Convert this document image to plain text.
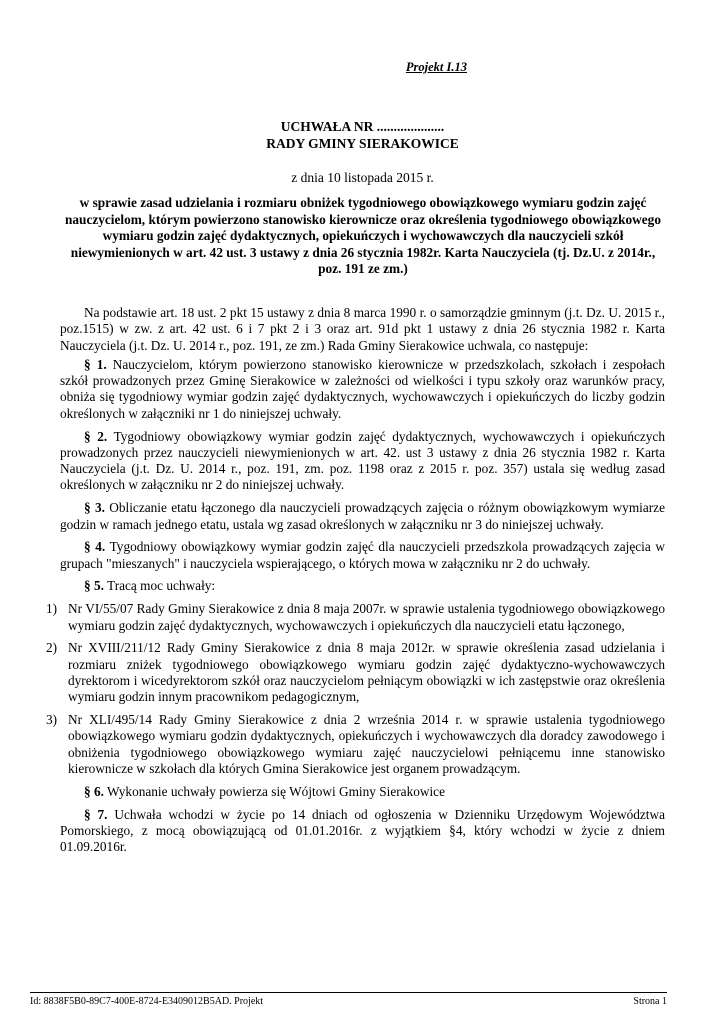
Projekt I.13
UCHWAŁA NR ....................
RADY GMINY SIERAKOWICE
z dnia 10 listopada 2015 r.
w sprawie zasad udzielania i rozmiaru obniżek tygodniowego obowiązkowego wymiaru godzin zajęć nauczycielom, którym powierzono stanowisko kierownicze oraz określenia tygodniowego obowiązkowego wymiaru godzin zajęć dydaktycznych, opiekuńczych i wychowawczych dla nauczycieli szkół niewymienionych w art. 42 ust. 3 ustawy z dnia 26 stycznia 1982r. Karta Nauczyciela (tj. Dz.U. z 2014r., poz. 191 ze zm.)

Na podstawie art. 18 ust. 2 pkt 15 ustawy z dnia 8 marca 1990 r. o samorządzie gminnym (j.t. Dz. U. 2015 r., poz.1515) w zw. z art. 42 ust. 6 i 7 pkt 2 i 3 oraz art. 91d pkt 1 ustawy z dnia 26 stycznia 1982 r. Karta Nauczyciela (j.t. Dz. U. 2014 r., poz. 191, ze zm.) Rada Gminy Sierakowice uchwala, co następuje:

§ 1. Nauczycielom, którym powierzono stanowisko kierownicze w przedszkolach, szkołach i zespołach szkół prowadzonych przez Gminę Sierakowice w zależności od wielkości i typu szkoły oraz warunków pracy, obniża się tygodniowy wymiar godzin zajęć dydaktycznych, wychowawczych i opiekuńczych do liczby godzin określonych w załączniki nr 1 do niniejszej uchwały.

§ 2. Tygodniowy obowiązkowy wymiar godzin zajęć dydaktycznych, wychowawczych i opiekuńczych prowadzonych przez nauczycieli niewymienionych w art. 42. ust 3 ustawy z dnia 26 stycznia 1982 r. Karta Nauczyciela (j.t. Dz. U. 2014 r., poz. 191, zm. poz. 1198 oraz z 2015 r. poz. 357) ustala się według zasad określonych w załączniku nr 2 do niniejszej uchwały.

§ 3. Obliczanie etatu łączonego dla nauczycieli prowadzących zajęcia o różnym obowiązkowym wymiarze godzin w ramach jednego etatu, ustala wg zasad określonych w załączniku nr 3 do niniejszej uchwały.

§ 4. Tygodniowy obowiązkowy wymiar godzin zajęć dla nauczycieli przedszkola prowadzących zajęcia w grupach "mieszanych" i nauczyciela wspierającego, o których mowa w załączniku nr 2 do uchwały.

§ 5. Tracą moc uchwały:

1) Nr VI/55/07 Rady Gminy Sierakowice z dnia 8 maja 2007r. w sprawie ustalenia tygodniowego obowiązkowego wymiaru godzin zajęć dydaktycznych, wychowawczych i opiekuńczych dla nauczycieli etatu łączonego,
2) Nr XVIII/211/12 Rady Gminy Sierakowice z dnia 8 maja 2012r. w sprawie określenia zasad udzielania i rozmiaru zniżek tygodniowego obowiązkowego wymiaru godzin zajęć dydaktyczno-wychowawczych dyrektorom i wicedyrektorom szkół oraz nauczycielom pełniącym obowiązki w ich zastępstwie oraz określenia wymiaru godzin innym pracownikom pedagogicznym,
3) Nr XLI/495/14 Rady Gminy Sierakowice z dnia 2 września 2014 r. w sprawie ustalenia tygodniowego obowiązkowego wymiaru godzin dydaktycznych, opiekuńczych i wychowawczych dla doradcy zawodowego i obniżenia tygodniowego obowiązkowego wymiaru zajęć nauczycielowi pełniącemu inne stanowisko kierownicze w szkołach dla których Gmina Sierakowice jest organem prowadzącym.

§ 6. Wykonanie uchwały powierza się Wójtowi Gminy Sierakowice

§ 7. Uchwała wchodzi w życie po 14 dniach od ogłoszenia w Dzienniku Urzędowym Województwa Pomorskiego, z mocą obowiązującą od 01.01.2016r. z wyjątkiem §4, który wchodzi w życie z dniem 01.09.2016r.

Id: 8838F5B0-89C7-400E-8724-E3409012B5AD. Projekt	Strona 1
